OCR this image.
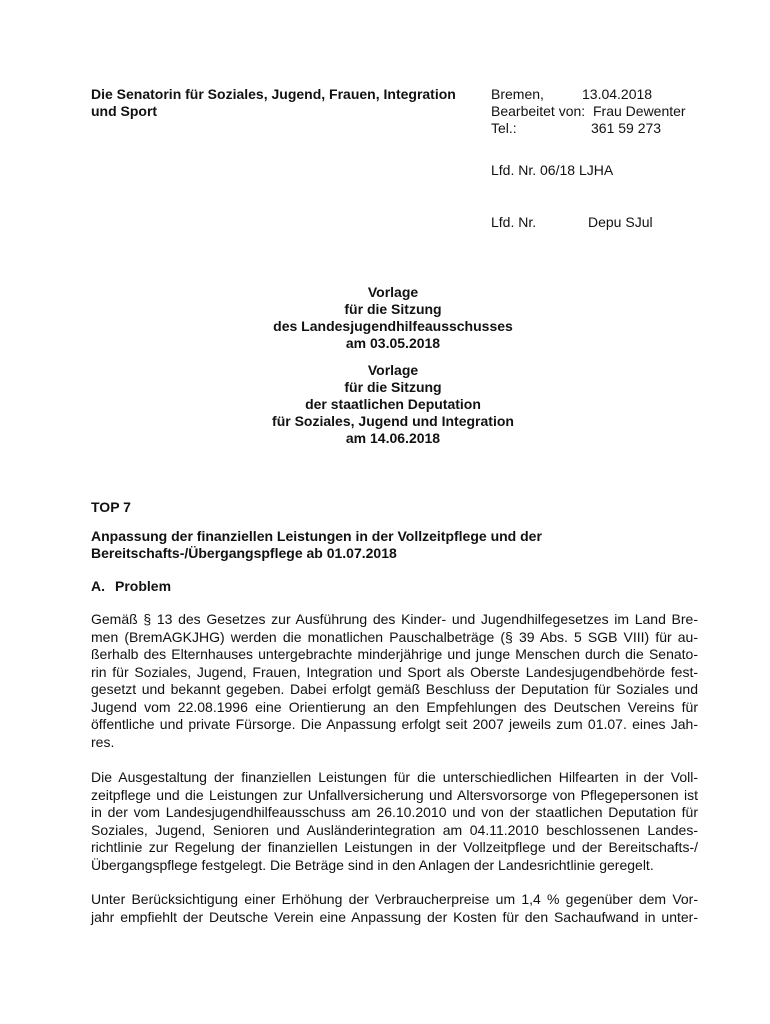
Die Senatorin für Soziales, Jugend, Frauen, Integration
und Sport
Bremen,	13.04.2018
Bearbeitet von: Frau Dewenter
Tel.:	361 59 273
Lfd. Nr. 06/18 LJHA
Lfd. Nr.	Depu SJul
Vorlage
für die Sitzung
des Landesjugendhilfeausschusses
am 03.05.2018
Vorlage
für die Sitzung
der staatlichen Deputation
für Soziales, Jugend und Integration
am 14.06.2018
TOP 7
Anpassung der finanziellen Leistungen in der Vollzeitpflege und der
Bereitschafts-/Übergangspflege ab 01.07.2018
A. Problem
Gemäß § 13 des Gesetzes zur Ausführung des Kinder- und Jugendhilfegesetzes im Land Bre-
men (BremAGKJHG) werden die monatlichen Pauschalbeträge (§ 39 Abs. 5 SGB VIII) für au-
ßerhalb des Elternhauses untergebrachte minderjährige und junge Menschen durch die Senato-
rin für Soziales, Jugend, Frauen, Integration und Sport als Oberste Landesjugendbehörde fest-
gesetzt und bekannt gegeben. Dabei erfolgt gemäß Beschluss der Deputation für Soziales und
Jugend vom 22.08.1996 eine Orientierung an den Empfehlungen des Deutschen Vereins für
öffentliche und private Fürsorge. Die Anpassung erfolgt seit 2007 jeweils zum 01.07. eines Jah-
res.
Die Ausgestaltung der finanziellen Leistungen für die unterschiedlichen Hilfearten in der Voll-
zeitpflege und die Leistungen zur Unfallversicherung und Altersvorsorge von Pflegepersonen ist
in der vom Landesjugendhilfeausschuss am 26.10.2010 und von der staatlichen Deputation für
Soziales, Jugend, Senioren und Ausländerintegration am 04.11.2010 beschlossenen Landes-
richtlinie zur Regelung der finanziellen Leistungen in der Vollzeitpflege und der Bereitschafts-/
Übergangspflege festgelegt. Die Beträge sind in den Anlagen der Landesrichtlinie geregelt.
Unter Berücksichtigung einer Erhöhung der Verbraucherpreise um 1,4 % gegenüber dem Vor-
jahr empfiehlt der Deutsche Verein eine Anpassung der Kosten für den Sachaufwand in unter-
